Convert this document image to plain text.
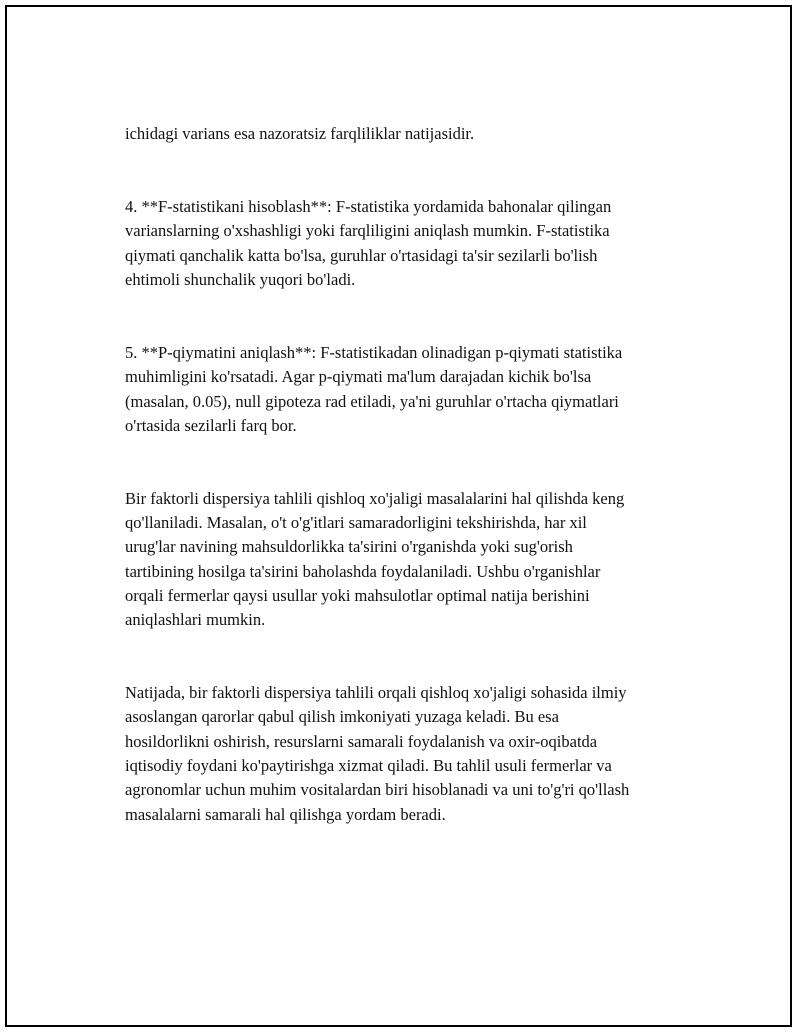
ichidagi varians esa nazoratsiz farqliliklar natijasidir.

4. **F-statistikani hisoblash**: F-statistika yordamida bahonalar qilingan
varianslarning o'xshashligi yoki farqliligini aniqlash mumkin. F-statistika
qiymati qanchalik katta bo'lsa, guruhlar o'rtasidagi ta'sir sezilarli bo'lish
ehtimoli shunchalik yuqori bo'ladi.

5. **P-qiymatini aniqlash**: F-statistikadan olinadigan p-qiymati statistika
muhimligini ko'rsatadi. Agar p-qiymati ma'lum darajadan kichik bo'lsa
(masalan, 0.05), null gipoteza rad etiladi, ya'ni guruhlar o'rtacha qiymatlari
o'rtasida sezilarli farq bor.

Bir faktorli dispersiya tahlili qishloq xo'jaligi masalalarini hal qilishda keng
qo'llaniladi. Masalan, o't o'g'itlari samaradorligini tekshirishda, har xil
urug'lar navining mahsuldorlikka ta'sirini o'rganishda yoki sug'orish
tartibining hosilga ta'sirini baholashda foydalaniladi. Ushbu o'rganishlar
orqali fermerlar qaysi usullar yoki mahsulotlar optimal natija berishini
aniqlashlari mumkin.

Natijada, bir faktorli dispersiya tahlili orqali qishloq xo'jaligi sohasida ilmiy
asoslangan qarorlar qabul qilish imkoniyati yuzaga keladi. Bu esa
hosildorlikni oshirish, resurslarni samarali foydalanish va oxir-oqibatda
iqtisodiy foydani ko'paytirishga xizmat qiladi. Bu tahlil usuli fermerlar va
agronomlar uchun muhim vositalardan biri hisoblanadi va uni to'g'ri qo'llash
masalalarni samarali hal qilishga yordam beradi.
